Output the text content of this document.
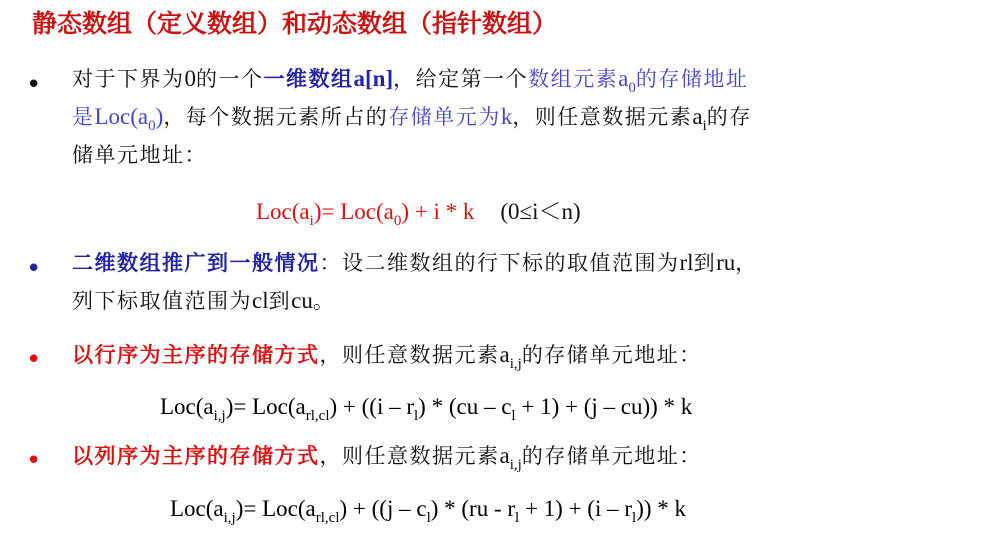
静态数组（定义数组）和动态数组（指针数组）
• 对于下界为0的一个一维数组a[n]，给定第一个数组元素$a_0$的存储地址
是$Loc(a_0)$，每个数据元素所占的存储单元为k，则任意数据元素$a_i$的存
储单元地址：
$Loc(a_i)= Loc(a_0) + i * k$ (0≤i＜n)
• 二维数组推广到一般情况：设二维数组的行下标的取值范围为rl到ru，
列下标取值范围为cl到cu。
• 以行序为主序的存储方式，则任意数据元素$a_{i,j}$的存储单元地址：
$Loc(a_{i,j})= Loc(a_{rl,cl}) + ((i - r_l) * (cu - c_l + 1) + (j - cu)) * k$
• 以列序为主序的存储方式，则任意数据元素$a_{i,j}$的存储单元地址：
$Loc(a_{i,j})= Loc(a_{rl,cl}) + ((j - c_l) * (ru - r_l + 1) + (i - r_l)) * k$
